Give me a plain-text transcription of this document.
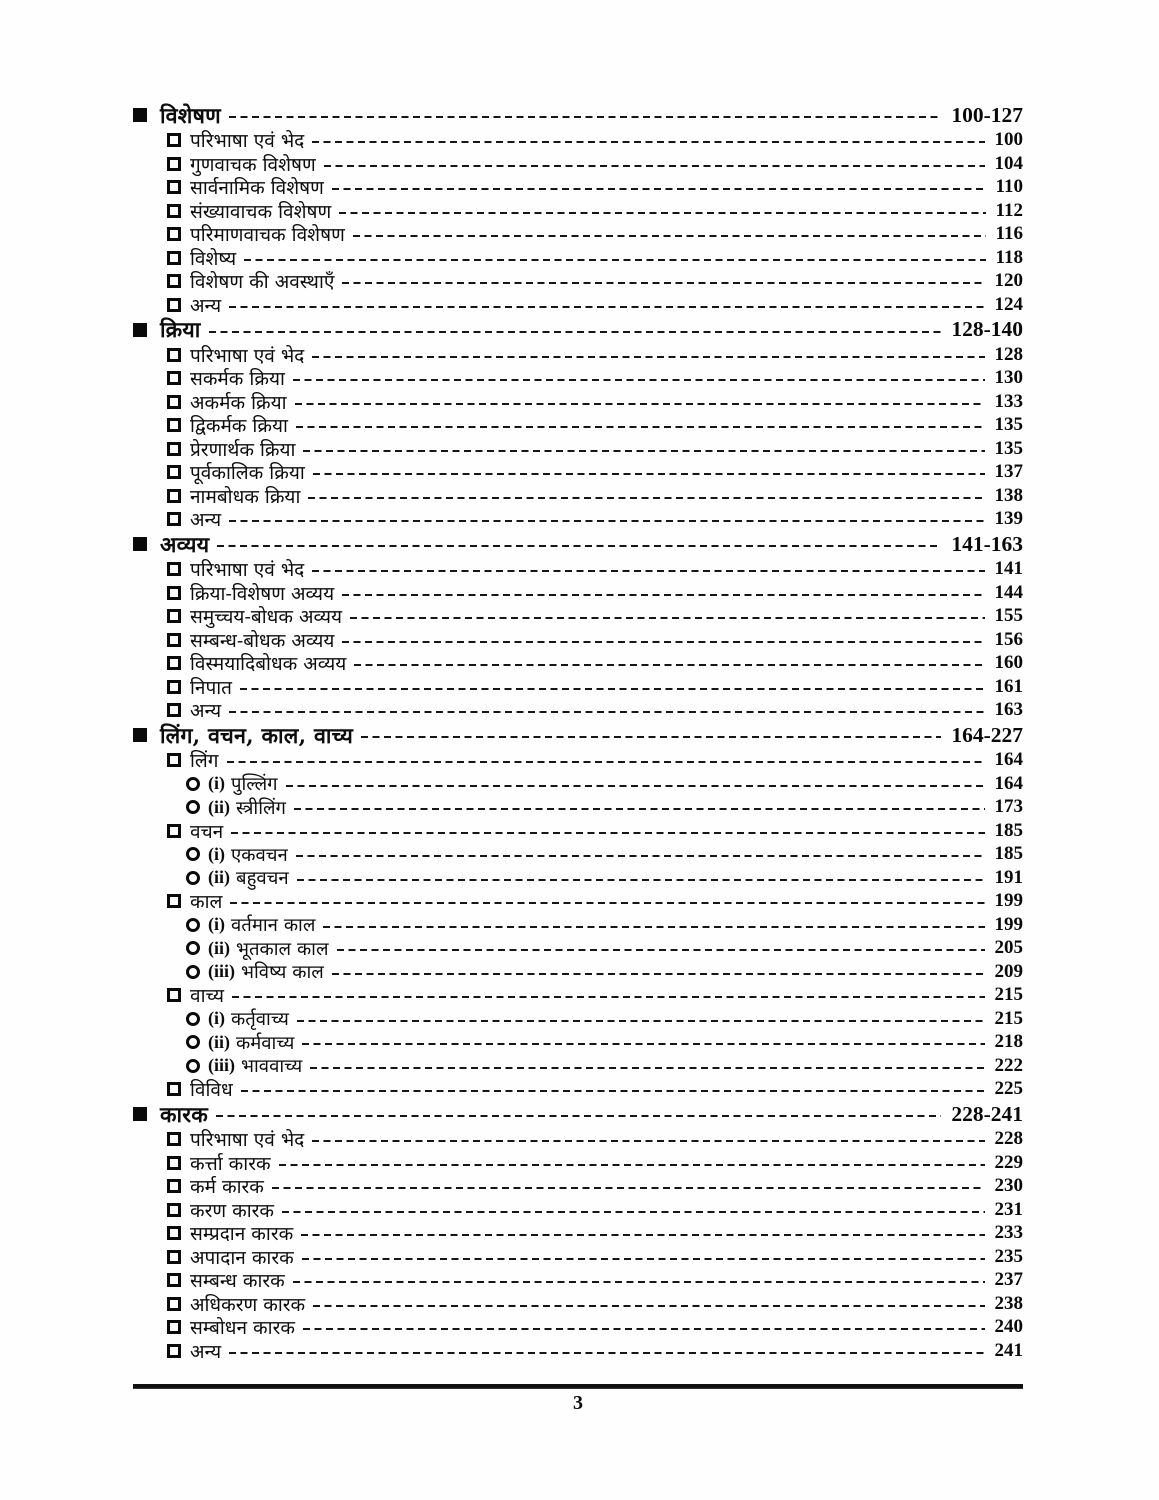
विशेषण	100-127
परिभाषा एवं भेद	100
गुणवाचक विशेषण	104
सार्वनामिक विशेषण	110
संख्यावाचक विशेषण	112
परिमाणवाचक विशेषण	116
विशेष्य	118
विशेषण की अवस्थाएँ	120
अन्य	124
क्रिया	128-140
परिभाषा एवं भेद	128
सकर्मक क्रिया	130
अकर्मक क्रिया	133
द्विकर्मक क्रिया	135
प्रेरणार्थक क्रिया	135
पूर्वकालिक क्रिया	137
नामबोधक क्रिया	138
अन्य	139
अव्यय	141-163
परिभाषा एवं भेद	141
क्रिया-विशेषण अव्यय	144
समुच्चय-बोधक अव्यय	155
सम्बन्ध-बोधक अव्यय	156
विस्मयादिबोधक अव्यय	160
निपात	161
अन्य	163
लिंग, वचन, काल, वाच्य	164-227
लिंग	164
(i) पुल्लिंग	164
(ii) स्त्रीलिंग	173
वचन	185
(i) एकवचन	185
(ii) बहुवचन	191
काल	199
(i) वर्तमान काल	199
(ii) भूतकाल काल	205
(iii) भविष्य काल	209
वाच्य	215
(i) कर्तृवाच्य	215
(ii) कर्मवाच्य	218
(iii) भाववाच्य	222
विविध	225
कारक	228-241
परिभाषा एवं भेद	228
कर्त्ता कारक	229
कर्म कारक	230
करण कारक	231
सम्प्रदान कारक	233
अपादान कारक	235
सम्बन्ध कारक	237
अधिकरण कारक	238
सम्बोधन कारक	240
अन्य	241
3
